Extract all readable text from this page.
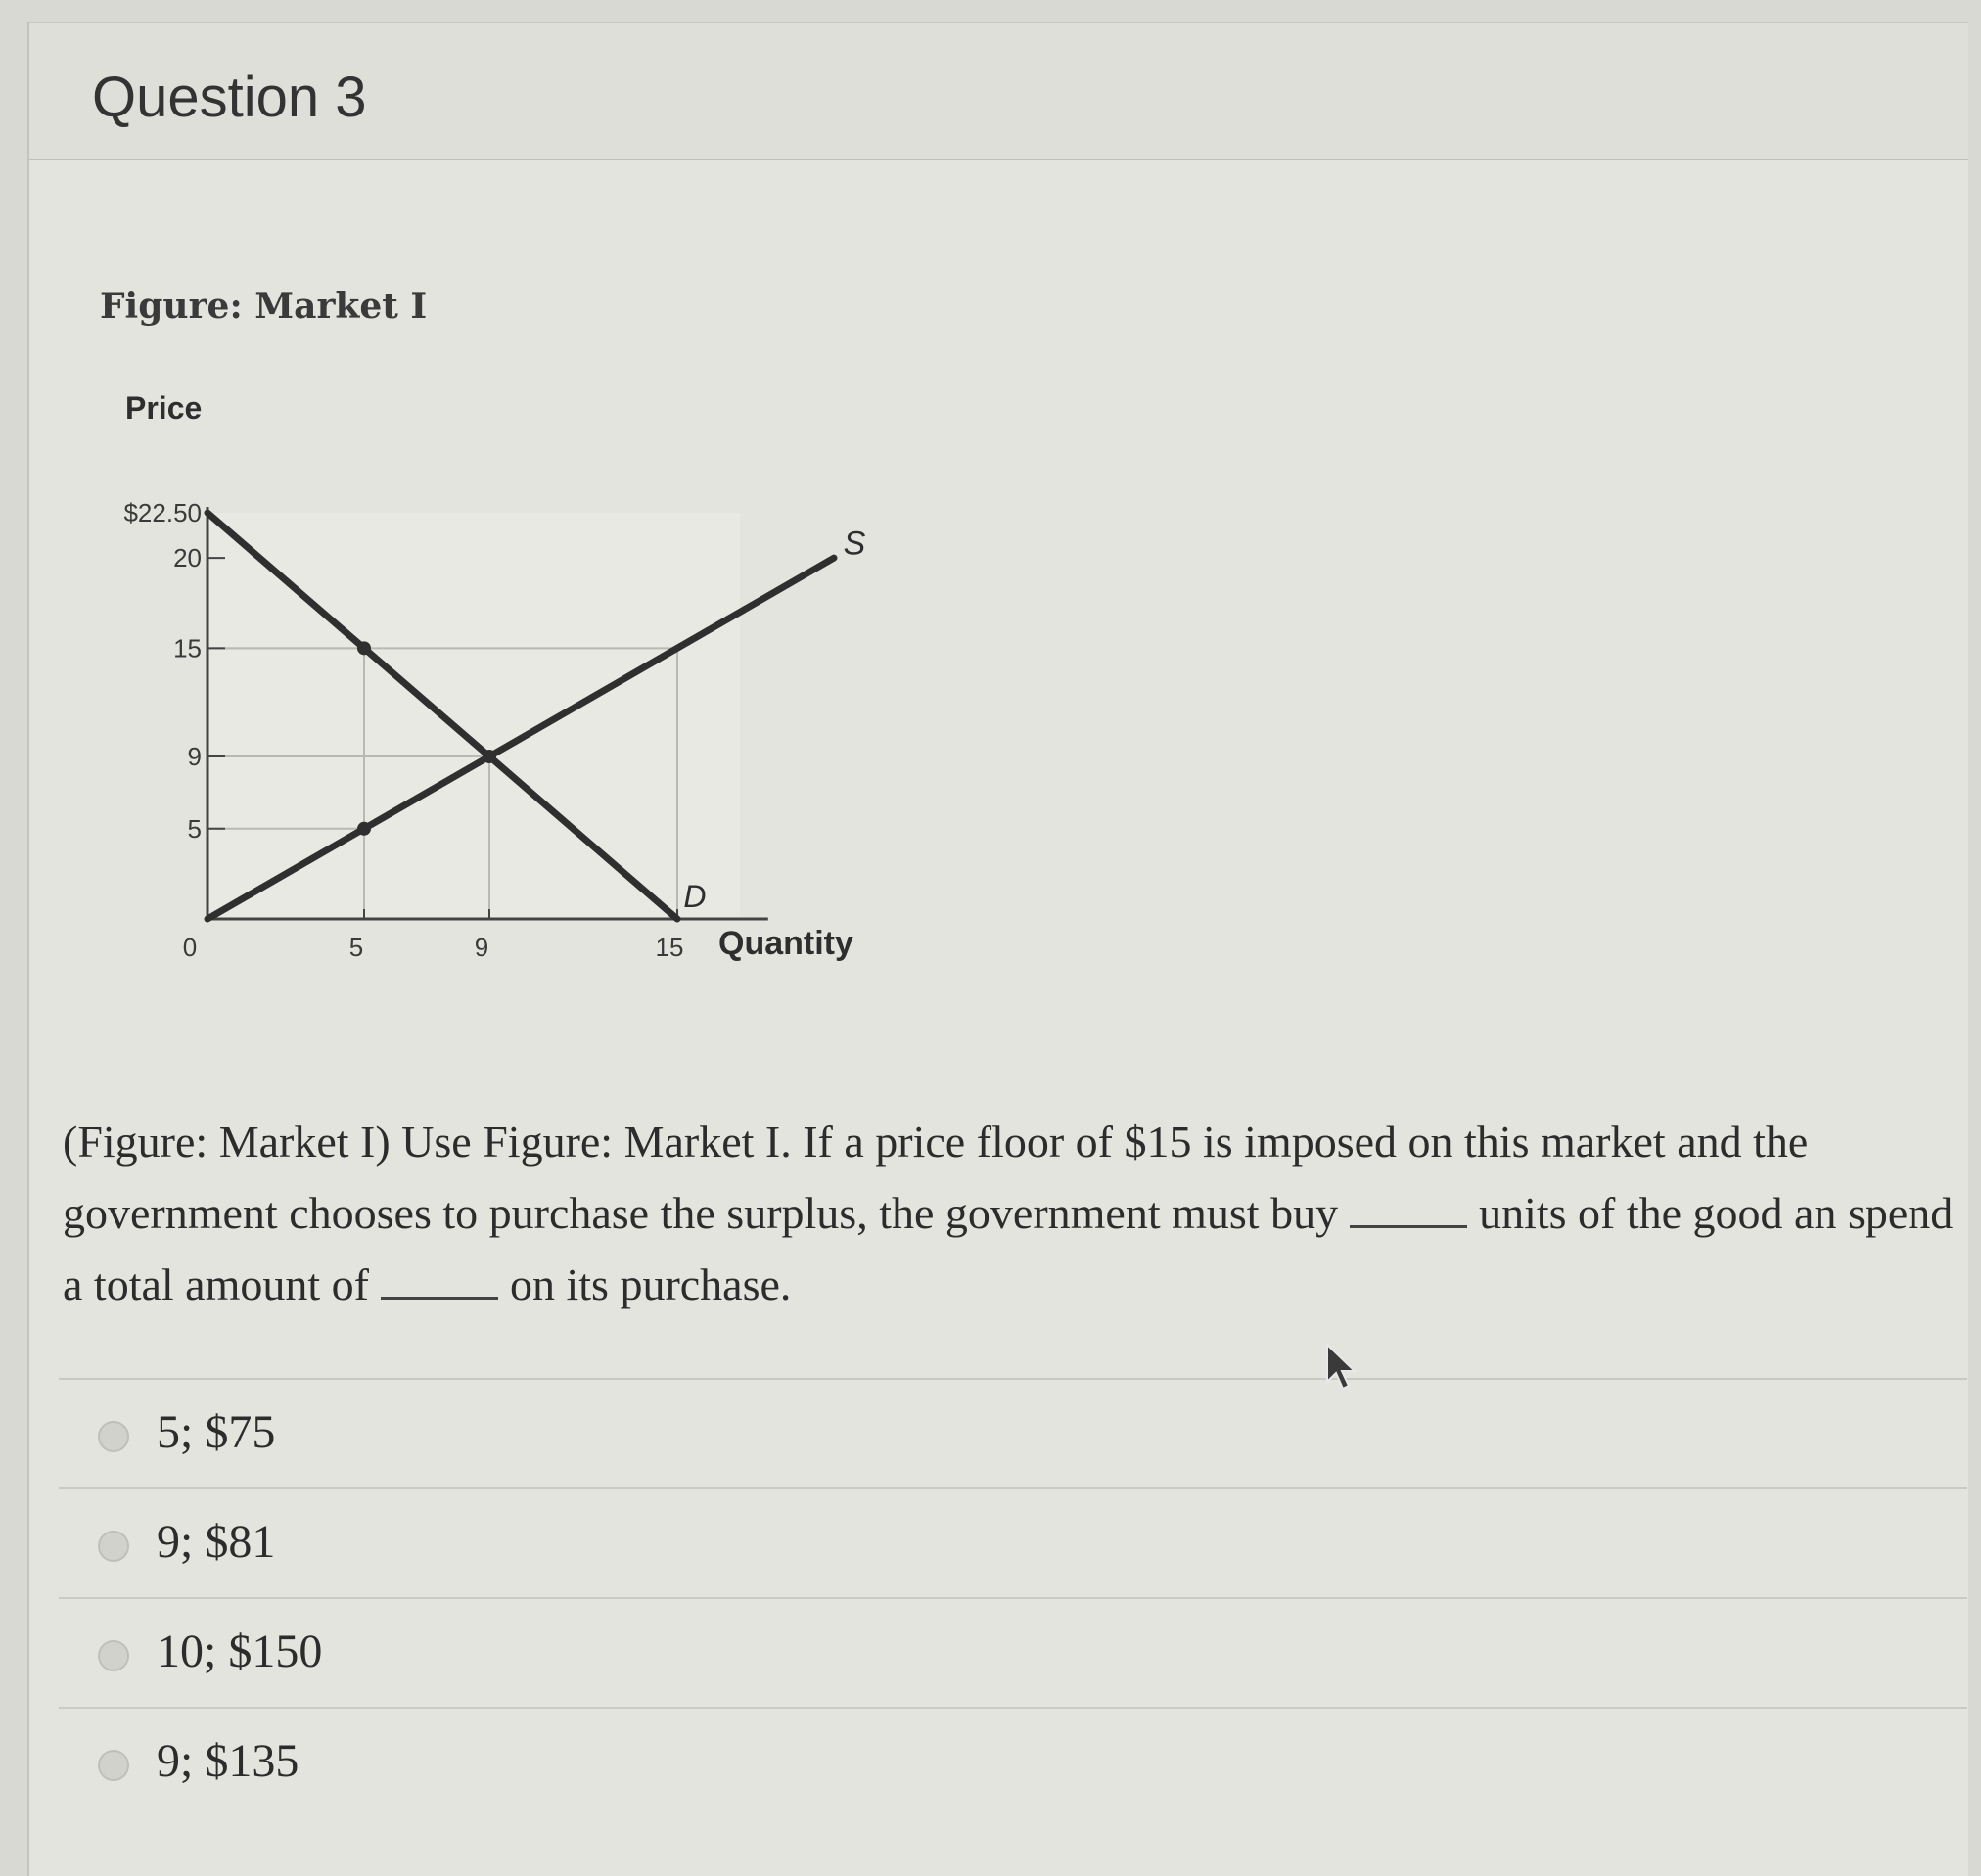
Question 3

Figure: Market I

$22.50
20
15
9
5
0	5	9	15
Price
Quantity
S
D

(Figure: Market I) Use Figure: Market I. If a price floor of $15 is imposed on this market and the government chooses to purchase the surplus, the government must buy	units of the good an spend a total amount of	on its purchase.

5; $75
9; $81
10; $150
9; $135
